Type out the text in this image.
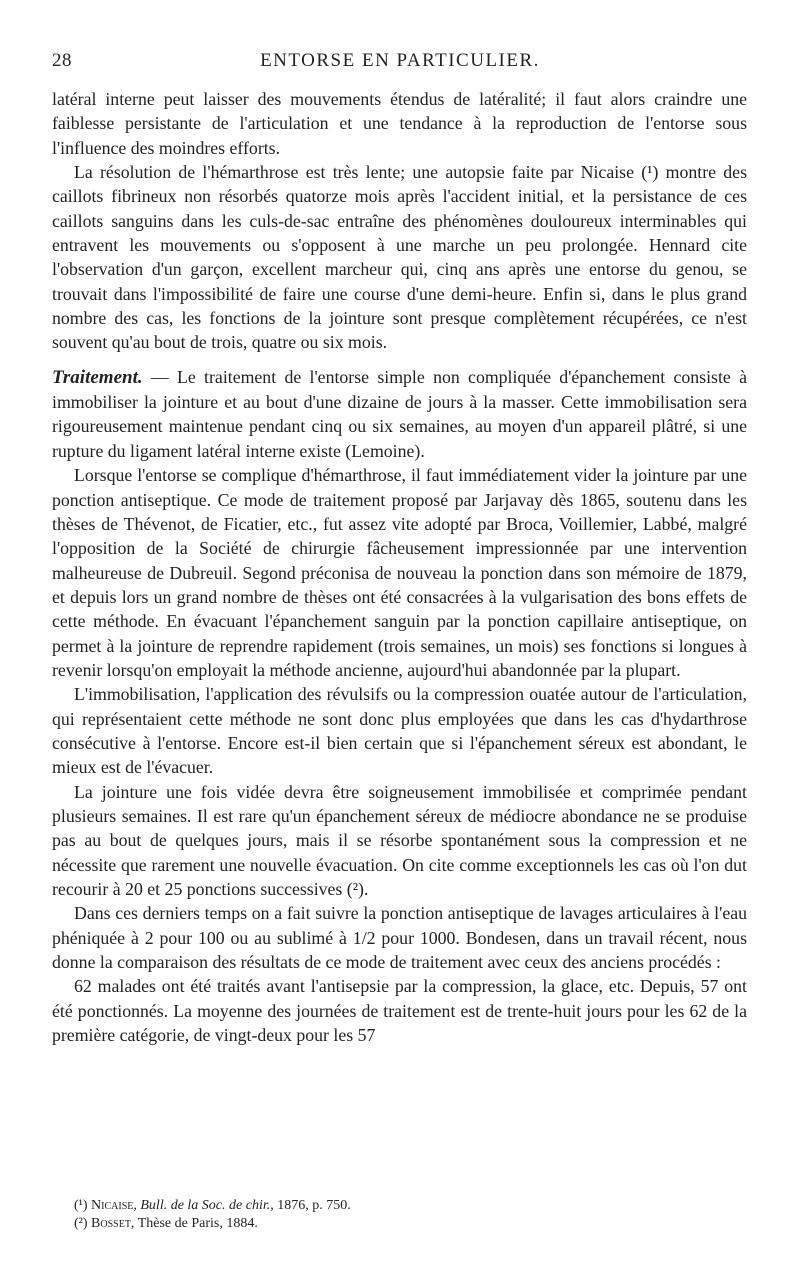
28	ENTORSE EN PARTICULIER.

latéral interne peut laisser des mouvements étendus de latéralité; il faut alors craindre une faiblesse persistante de l'articulation et une tendance à la reproduction de l'entorse sous l'influence des moindres efforts.

La résolution de l'hémarthrose est très lente; une autopsie faite par Nicaise (¹) montre des caillots fibrineux non résorbés quatorze mois après l'accident initial, et la persistance de ces caillots sanguins dans les culs-de-sac entraîne des phénomènes douloureux interminables qui entravent les mouvements ou s'opposent à une marche un peu prolongée. Hennard cite l'observation d'un garçon, excellent marcheur qui, cinq ans après une entorse du genou, se trouvait dans l'impossibilité de faire une course d'une demi-heure. Enfin si, dans le plus grand nombre des cas, les fonctions de la jointure sont presque complètement récupérées, ce n'est souvent qu'au bout de trois, quatre ou six mois.

Traitement. — Le traitement de l'entorse simple non compliquée d'épanchement consiste à immobiliser la jointure et au bout d'une dizaine de jours à la masser. Cette immobilisation sera rigoureusement maintenue pendant cinq ou six semaines, au moyen d'un appareil plâtré, si une rupture du ligament latéral interne existe (Lemoine).

Lorsque l'entorse se complique d'hémarthrose, il faut immédiatement vider la jointure par une ponction antiseptique. Ce mode de traitement proposé par Jarjavay dès 1865, soutenu dans les thèses de Thévenot, de Ficatier, etc., fut assez vite adopté par Broca, Voillemier, Labbé, malgré l'opposition de la Société de chirurgie fâcheusement impressionnée par une intervention malheureuse de Dubreuil. Segond préconisa de nouveau la ponction dans son mémoire de 1879, et depuis lors un grand nombre de thèses ont été consacrées à la vulgarisation des bons effets de cette méthode. En évacuant l'épanchement sanguin par la ponction capillaire antiseptique, on permet à la jointure de reprendre rapidement (trois semaines, un mois) ses fonctions si longues à revenir lorsqu'on employait la méthode ancienne, aujourd'hui abandonnée par la plupart.

L'immobilisation, l'application des révulsifs ou la compression ouatée autour de l'articulation, qui représentaient cette méthode ne sont donc plus employées que dans les cas d'hydarthrose consécutive à l'entorse. Encore est-il bien certain que si l'épanchement séreux est abondant, le mieux est de l'évacuer.

La jointure une fois vidée devra être soigneusement immobilisée et comprimée pendant plusieurs semaines. Il est rare qu'un épanchement séreux de médiocre abondance ne se produise pas au bout de quelques jours, mais il se résorbe spontanément sous la compression et ne nécessite que rarement une nouvelle évacuation. On cite comme exceptionnels les cas où l'on dut recourir à 20 et 25 ponctions successives (²).

Dans ces derniers temps on a fait suivre la ponction antiseptique de lavages articulaires à l'eau phéniquée à 2 pour 100 ou au sublimé à 1/2 pour 1000. Bondesen, dans un travail récent, nous donne la comparaison des résultats de ce mode de traitement avec ceux des anciens procédés :

62 malades ont été traités avant l'antisepsie par la compression, la glace, etc. Depuis, 57 ont été ponctionnés. La moyenne des journées de traitement est de trente-huit jours pour les 62 de la première catégorie, de vingt-deux pour les 57

(¹) Nicaise, Bull. de la Soc. de chir., 1876, p. 750.

(²) Bosset, Thèse de Paris, 1884.
